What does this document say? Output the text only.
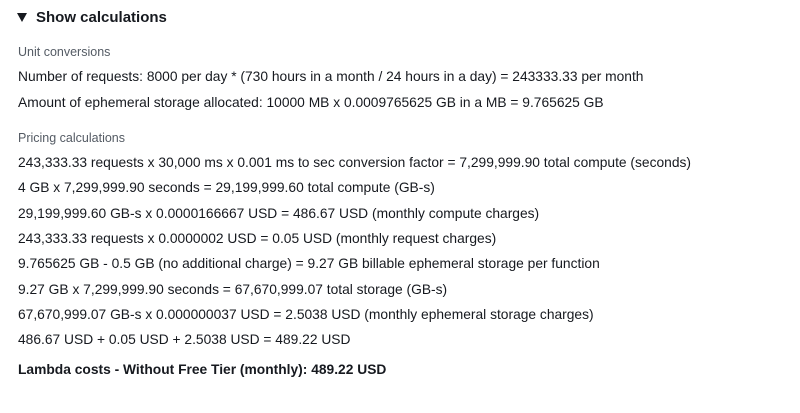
Show calculations
Unit conversions
Number of requests: 8000 per day * (730 hours in a month / 24 hours in a day) = 243333.33 per month
Amount of ephemeral storage allocated: 10000 MB x 0.0009765625 GB in a MB = 9.765625 GB
Pricing calculations
243,333.33 requests x 30,000 ms x 0.001 ms to sec conversion factor = 7,299,999.90 total compute (seconds)
4 GB x 7,299,999.90 seconds = 29,199,999.60 total compute (GB-s)
29,199,999.60 GB-s x 0.0000166667 USD = 486.67 USD (monthly compute charges)
243,333.33 requests x 0.0000002 USD = 0.05 USD (monthly request charges)
9.765625 GB - 0.5 GB (no additional charge) = 9.27 GB billable ephemeral storage per function
9.27 GB x 7,299,999.90 seconds = 67,670,999.07 total storage (GB-s)
67,670,999.07 GB-s x 0.000000037 USD = 2.5038 USD (monthly ephemeral storage charges)
486.67 USD + 0.05 USD + 2.5038 USD = 489.22 USD
Lambda costs - Without Free Tier (monthly): 489.22 USD
